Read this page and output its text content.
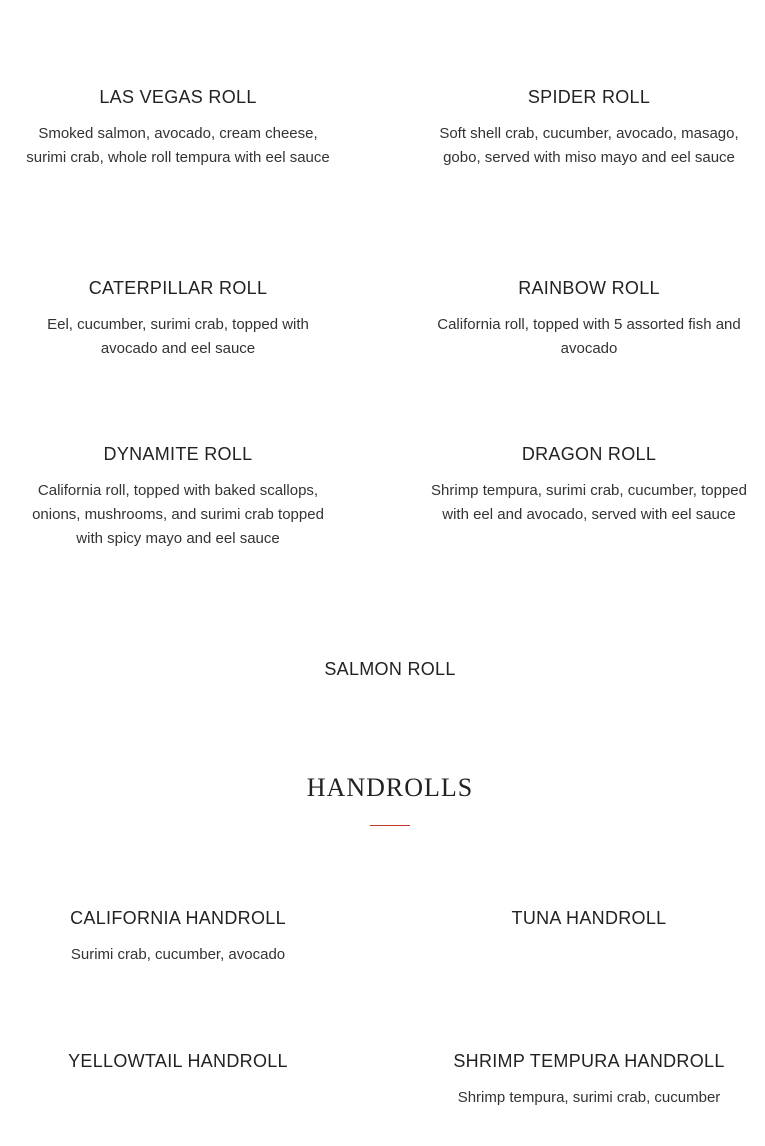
LAS VEGAS ROLL

Smoked salmon, avocado, cream cheese, surimi crab, whole roll tempura with eel sauce

SPIDER ROLL

Soft shell crab, cucumber, avocado, masago, gobo, served with miso mayo and eel sauce

CATERPILLAR ROLL

Eel, cucumber, surimi crab, topped with avocado and eel sauce

RAINBOW ROLL

California roll, topped with 5 assorted fish and avocado

DYNAMITE ROLL

California roll, topped with baked scallops, onions, mushrooms, and surimi crab topped with spicy mayo and eel sauce

DRAGON ROLL

Shrimp tempura, surimi crab, cucumber, topped with eel and avocado, served with eel sauce

SALMON ROLL

HANDROLLS

CALIFORNIA HANDROLL

Surimi crab, cucumber, avocado

TUNA HANDROLL

YELLOWTAIL HANDROLL	SHRIMP TEMPURA HANDROLL

Shrimp tempura, surimi crab, cucumber
